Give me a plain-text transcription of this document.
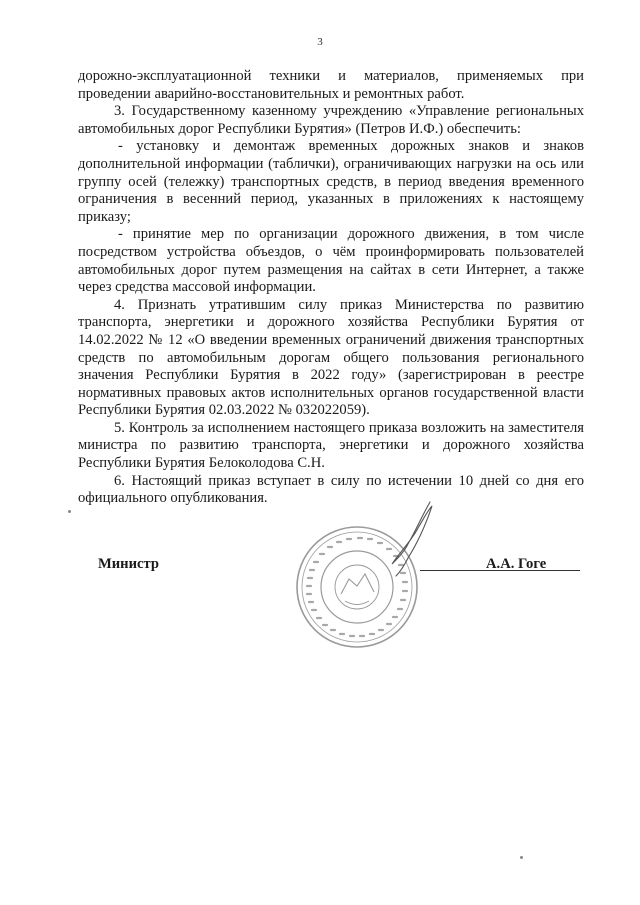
3

дорожно-эксплуатационной техники и материалов, применяемых при проведении аварийно-восстановительных и ремонтных работ.

3. Государственному казенному учреждению «Управление региональных автомобильных дорог Республики Бурятия» (Петров И.Ф.) обеспечить:

- установку и демонтаж временных дорожных знаков и знаков дополнительной информации (таблички), ограничивающих нагрузки на ось или группу осей (тележку) транспортных средств, в период введения временного ограничения в весенний период, указанных в приложениях к настоящему приказу;

- принятие мер по организации дорожного движения, в том числе посредством устройства объездов, о чём проинформировать пользователей автомобильных дорог путем размещения на сайтах в сети Интернет, а также через средства массовой информации.

4. Признать утратившим силу приказ Министерства по развитию транспорта, энергетики и дорожного хозяйства Республики Бурятия от 14.02.2022 № 12 «О введении временных ограничений движения транспортных средств по автомобильным дорогам общего пользования регионального значения Республики Бурятия в 2022 году» (зарегистрирован в реестре нормативных правовых актов исполнительных органов государственной власти Республики Бурятия 02.03.2022 № 032022059).

5. Контроль за исполнением настоящего приказа возложить на заместителя министра по развитию транспорта, энергетики и дорожного хозяйства Республики Бурятия Белоколодова С.Н.

6. Настоящий приказ вступает в силу по истечении 10 дней со дня его официального опубликования.

Министр	А.А. Гоге
